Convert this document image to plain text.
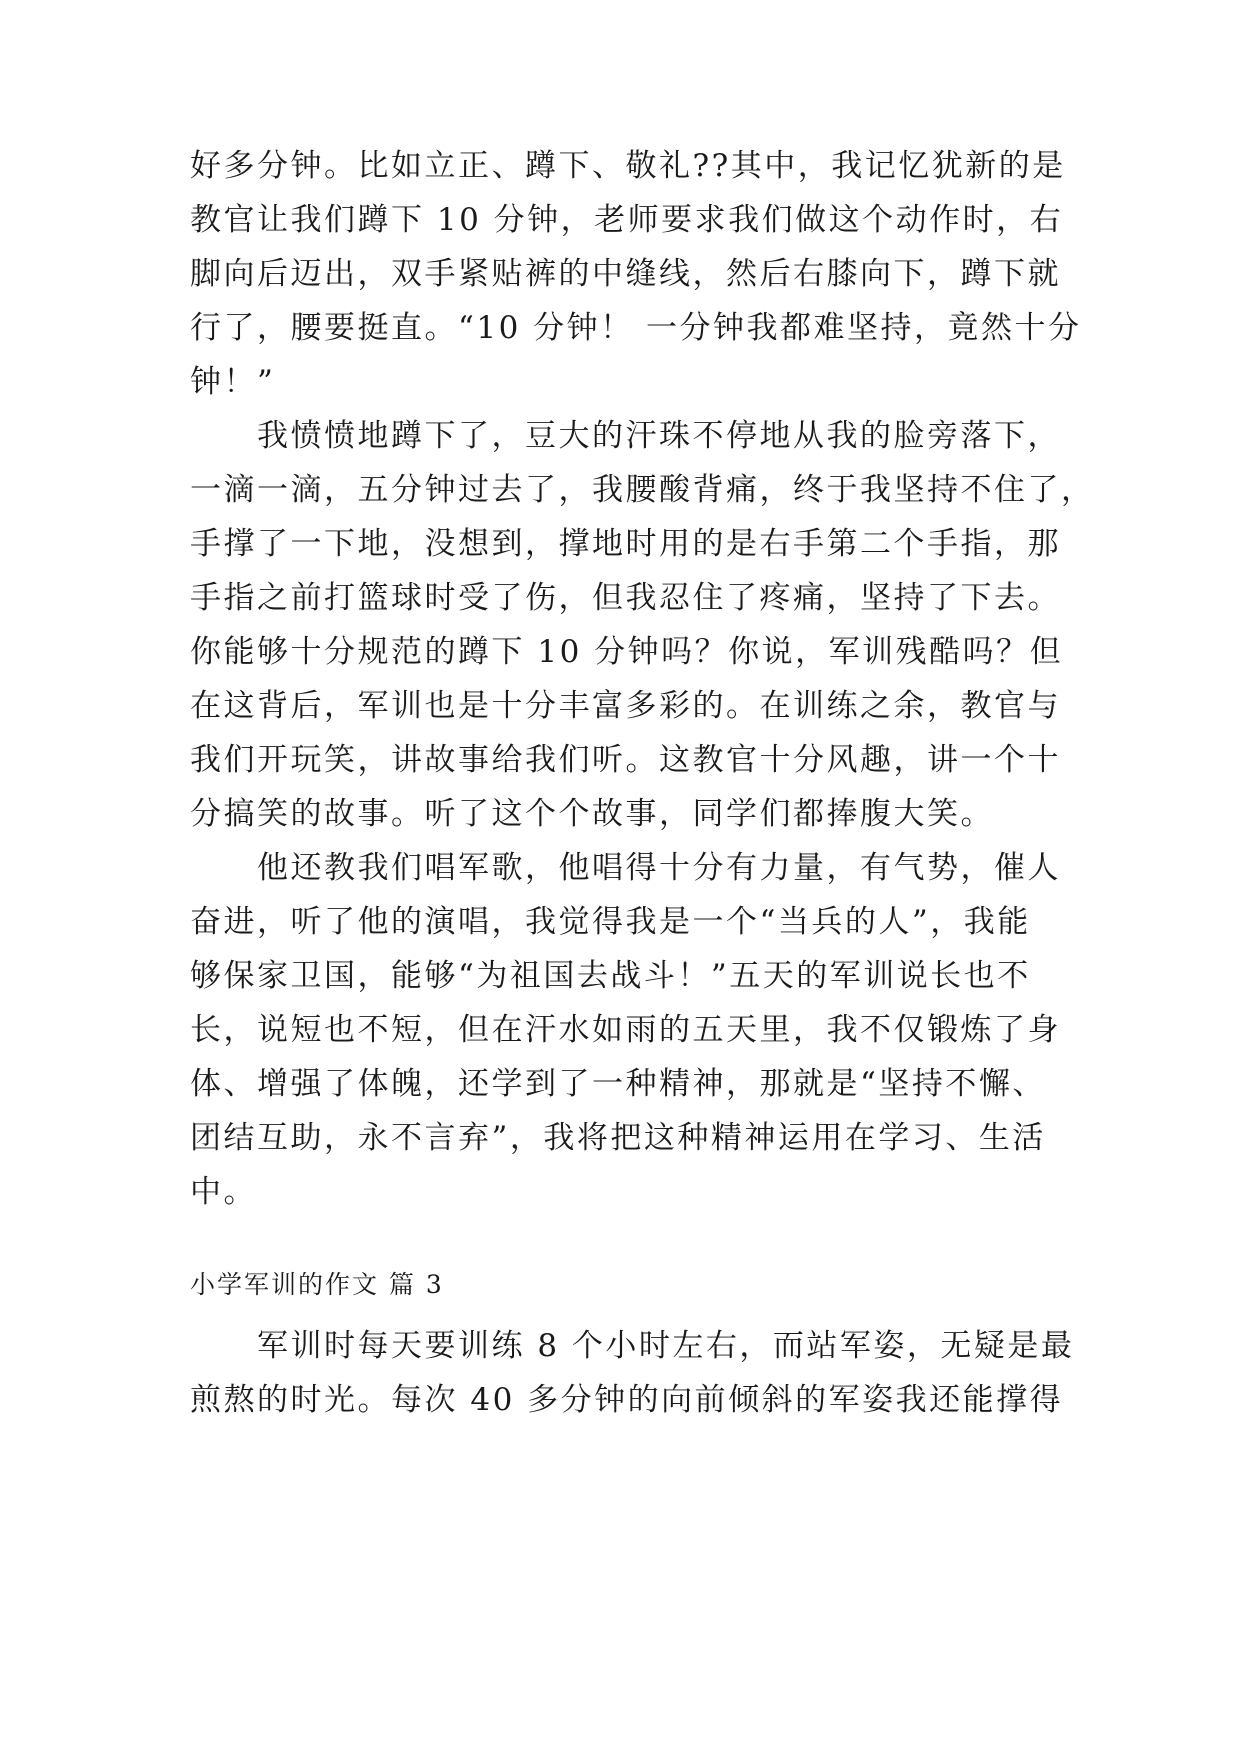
好多分钟。比如立正、蹲下、敬礼??其中，我记忆犹新的是
教官让我们蹲下 10 分钟，老师要求我们做这个动作时，右
脚向后迈出，双手紧贴裤的中缝线，然后右膝向下，蹲下就
行了，腰要挺直。“10 分钟！ 一分钟我都难坚持，竟然十分
钟！”
　　我愤愤地蹲下了，豆大的汗珠不停地从我的脸旁落下，
一滴一滴，五分钟过去了，我腰酸背痛，终于我坚持不住了，
手撑了一下地，没想到，撑地时用的是右手第二个手指，那
手指之前打篮球时受了伤，但我忍住了疼痛，坚持了下去。
你能够十分规范的蹲下 10 分钟吗？你说，军训残酷吗？但
在这背后，军训也是十分丰富多彩的。在训练之余，教官与
我们开玩笑，讲故事给我们听。这教官十分风趣，讲一个十
分搞笑的故事。听了这个个故事，同学们都捧腹大笑。
　　他还教我们唱军歌，他唱得十分有力量，有气势，催人
奋进，听了他的演唱，我觉得我是一个“当兵的人”，我能
够保家卫国，能够“为祖国去战斗！”五天的军训说长也不
长，说短也不短，但在汗水如雨的五天里，我不仅锻炼了身
体、增强了体魄，还学到了一种精神，那就是“坚持不懈、
团结互助，永不言弃”，我将把这种精神运用在学习、生活
中。
小学军训的作文 篇 3
　　军训时每天要训练 8 个小时左右，而站军姿，无疑是最
煎熬的时光。每次 40 多分钟的向前倾斜的军姿我还能撑得
